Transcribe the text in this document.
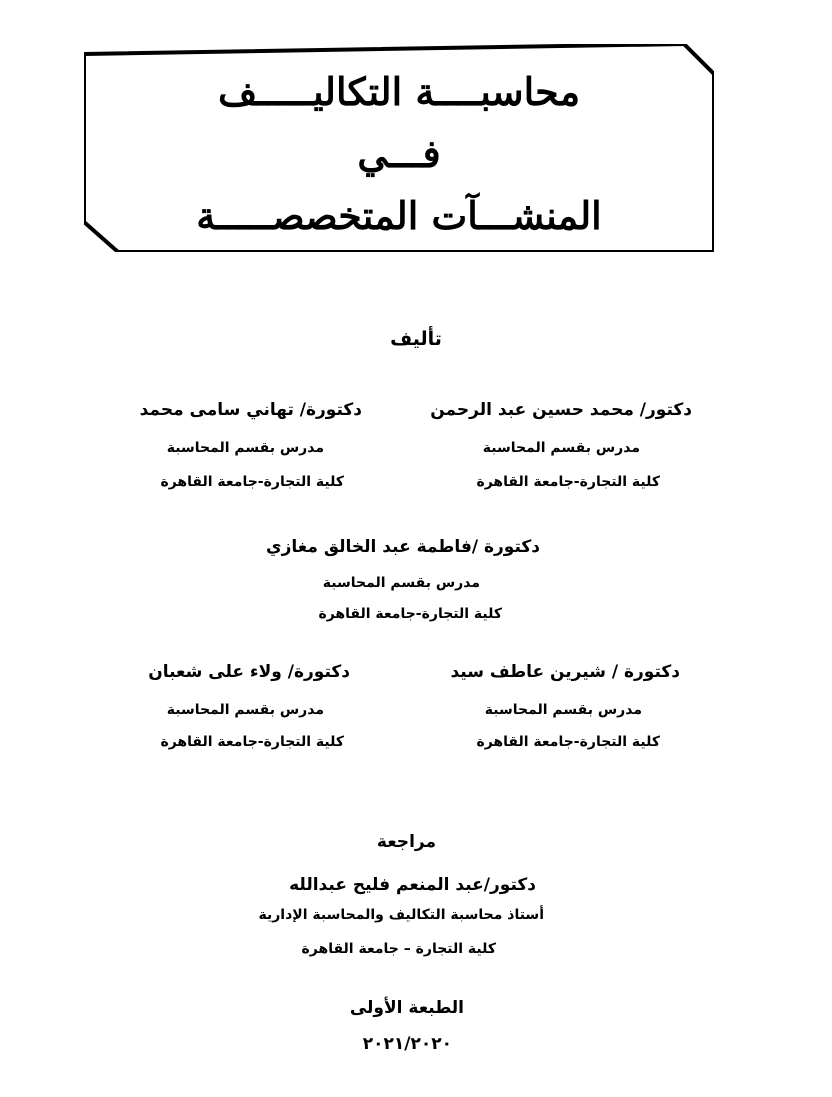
محاسبــــة التكاليـــــف
فـــي
المنشـــآت المتخصصـــــة
تأليف
دكتور/ محمد حسين عبد الرحمن
مدرس بقسم المحاسبة
كلية التجارة-جامعة القاهرة
دكتورة/ تهاني سامى محمد
مدرس بقسم المحاسبة
كلية التجارة-جامعة القاهرة
دكتورة /فاطمة عبد الخالق مغازي
مدرس بقسم المحاسبة
كلية التجارة-جامعة القاهرة
دكتورة / شيرين عاطف سيد
مدرس بقسم المحاسبة
كلية التجارة-جامعة القاهرة
دكتورة/ ولاء على شعبان
مدرس بقسم المحاسبة
كلية التجارة-جامعة القاهرة
مراجعة
دكتور/عبد المنعم فليح عبدالله
أستاذ محاسبة التكاليف والمحاسبة الإدارية
كلية التجارة – جامعة القاهرة
الطبعة الأولى
٢٠٢١/٢٠٢٠
